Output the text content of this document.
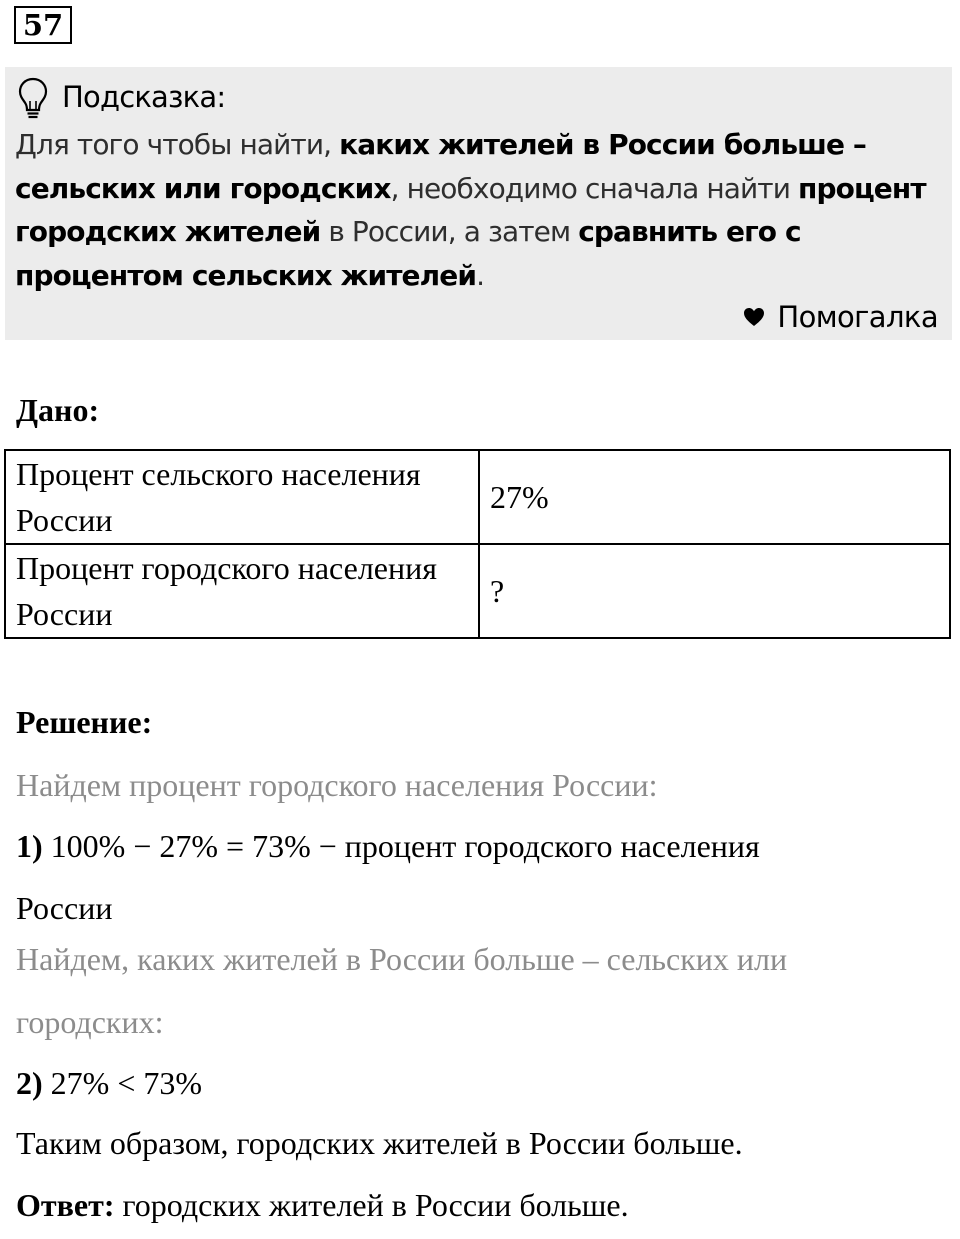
57
Подсказка:
Для того чтобы найти, каких жителей в России больше – сельских или городских, необходимо сначала найти процент городских жителей в России, а затем сравнить его с процентом сельских жителей.
Помогалка
Дано:
Процент сельского населения России	27%
Процент городского населения России	?
Решение:
Найдем процент городского населения России:
1) 100% − 27% = 73% − процент городского населения
России
Найдем, каких жителей в России больше – сельских или
городских:
2) 27% < 73%
Таким образом, городских жителей в России больше.
Ответ: городских жителей в России больше.
